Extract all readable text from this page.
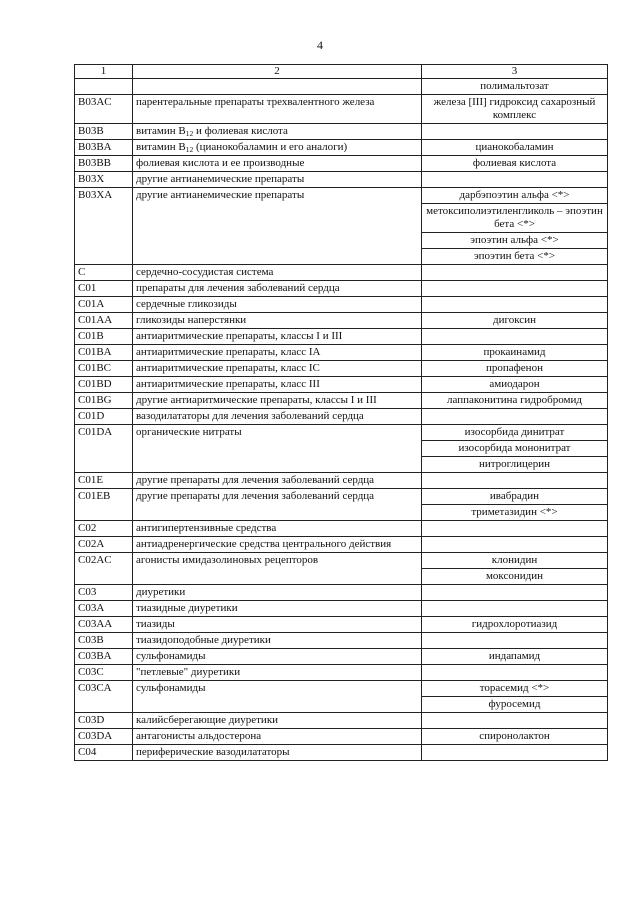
4
1	2	3
		полимальтозат
B03AC	парентеральные препараты трехвалентного железа	железа [III] гидроксид сахарозный комплекс
B03B	витамин B12 и фолиевая кислота	
B03BA	витамин B12 (цианокобаламин и его аналоги)	цианокобаламин
B03BB	фолиевая кислота и ее производные	фолиевая кислота
B03X	другие антианемические препараты	
B03XA	другие антианемические препараты	дарбэпоэтин альфа <*>
		метоксиполиэтиленгликоль – эпоэтин бета <*>
		эпоэтин альфа <*>
		эпоэтин бета <*>
C	сердечно-сосудистая система	
C01	препараты для лечения заболеваний сердца	
C01A	сердечные гликозиды	
C01AA	гликозиды наперстянки	дигоксин
C01B	антиаритмические препараты, классы I и III	
C01BA	антиаритмические препараты, класс IA	прокаинамид
C01BC	антиаритмические препараты, класс IC	пропафенон
C01BD	антиаритмические препараты, класс III	амиодарон
C01BG	другие антиаритмические препараты, классы I и III	лаппаконитина гидробромид
C01D	вазодилататоры для лечения заболеваний сердца	
C01DA	органические нитраты	изосорбида динитрат
		изосорбида мононитрат
		нитроглицерин
C01E	другие препараты для лечения заболеваний сердца	
C01EB	другие препараты для лечения заболеваний сердца	ивабрадин
		триметазидин <*>
C02	антигипертензивные средства	
C02A	антиадренергические средства центрального действия	
C02AC	агонисты имидазолиновых рецепторов	клонидин
		моксонидин
C03	диуретики	
C03A	тиазидные диуретики	
C03AA	тиазиды	гидрохлоротиазид
C03B	тиазидоподобные диуретики	
C03BA	сульфонамиды	индапамид
C03C	"петлевые" диуретики	
C03CA	сульфонамиды	торасемид <*>
		фуросемид
C03D	калийсберегающие диуретики	
C03DA	антагонисты альдостерона	спиронолактон
C04	периферические вазодилататоры	
